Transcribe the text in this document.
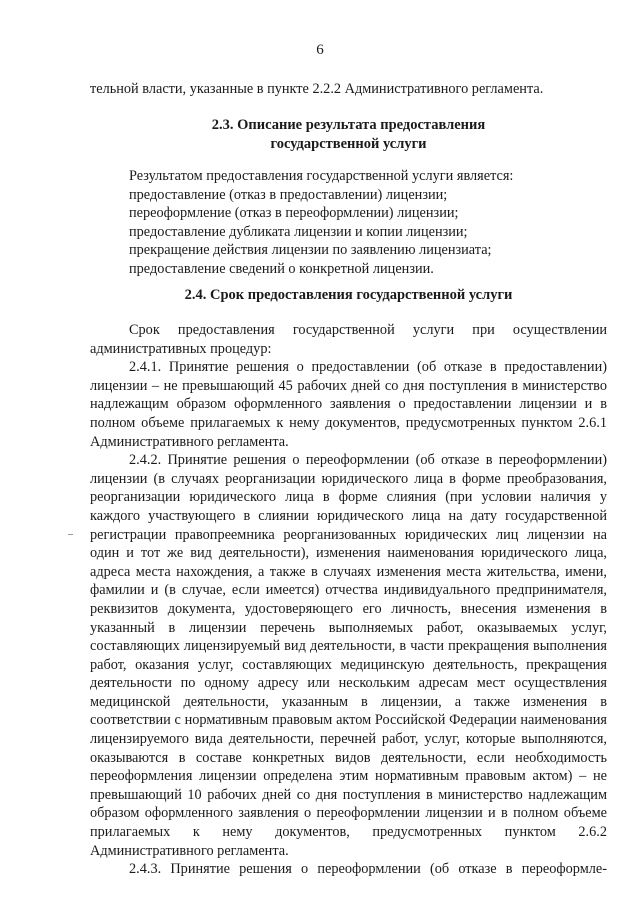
6
тельной власти, указанные в пункте 2.2.2 Административного регламента.
2.3. Описание результата предоставления
государственной услуги
Результатом предоставления государственной услуги является:
предоставление (отказ в предоставлении) лицензии;
переоформление (отказ в переоформлении) лицензии;
предоставление дубликата лицензии и копии лицензии;
прекращение действия лицензии по заявлению лицензиата;
предоставление сведений о конкретной лицензии.
2.4. Срок предоставления государственной услуги

Срок предоставления государственной услуги при осуществлении административных процедур:

2.4.1. Принятие решения о предоставлении (об отказе в предоставлении) лицензии – не превышающий 45 рабочих дней со дня поступления в министерство надлежащим образом оформленного заявления о предоставлении лицензии и в полном объеме прилагаемых к нему документов, предусмотренных пунктом 2.6.1 Административного регламента.

2.4.2. Принятие решения о переоформлении (об отказе в переоформлении) лицензии (в случаях реорганизации юридического лица в форме преобразования, реорганизации юридического лица в форме слияния (при условии наличия у каждого участвующего в слиянии юридического лица на дату государственной регистрации правопреемника реорганизованных юридических лиц лицензии на один и тот же вид деятельности), изменения наименования юридического лица, адреса места нахождения, а также в случаях изменения места жительства, имени, фамилии и (в случае, если имеется) отчества индивидуального предпринимателя, реквизитов документа, удостоверяющего его личность, внесения изменения в указанный в лицензии перечень выполняемых работ, оказываемых услуг, составляющих лицензируемый вид деятельности, в части прекращения выполнения работ, оказания услуг, составляющих медицинскую деятельность, прекращения деятельности по одному адресу или нескольким адресам мест осуществления медицинской деятельности, указанным в лицензии, а также изменения в соответствии с нормативным правовым актом Российской Федерации наименования лицензируемого вида деятельности, перечней работ, услуг, которые выполняются, оказываются в составе конкретных видов деятельности, если необходимость переоформления лицензии определена этим нормативным правовым актом) – не превышающий 10 рабочих дней со дня поступления в министерство надлежащим образом оформленного заявления о переоформлении лицензии и в полном объеме прилагаемых к нему документов, предусмотренных пунктом 2.6.2 Административного регламента.

2.4.3. Принятие решения о переоформлении (об отказе в переоформле-
